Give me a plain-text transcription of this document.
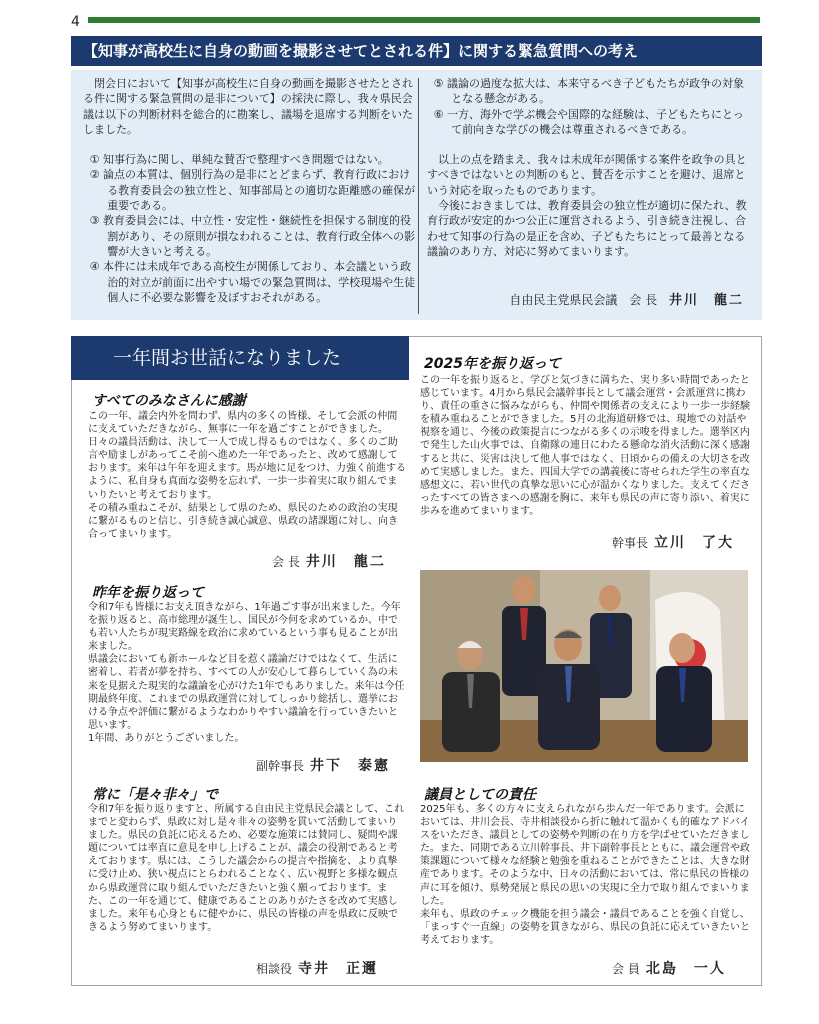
4
【知事が高校生に自身の動画を撮影させてとされる件】に関する緊急質問への考え

閉会日において【知事が高校生に自身の動画を撮影させたとされる件に関する緊急質問の是非について】の採決に際し、我々県民会議は以下の判断材料を総合的に勘案し、議場を退席する判断をいたしました。

① 知事行為に関し、単純な賛否で整理すべき問題ではない。

② 論点の本質は、個別行為の是非にとどまらず、教育行政における教育委員会の独立性と、知事部局との適切な距離感の確保が重要である。

③ 教育委員会には、中立性・安定性・継続性を担保する制度的役割があり、その原則が損なわれることは、教育行政全体への影響が大きいと考える。

④ 本件には未成年である高校生が関係しており、本会議という政治的対立が前面に出やすい場での緊急質問は、学校現場や生徒個人に不必要な影響を及ぼすおそれがある。

⑤ 議論の過度な拡大は、本来守るべき子どもたちが政争の対象となる懸念がある。

⑥ 一方、海外で学ぶ機会や国際的な経験は、子どもたちにとって前向きな学びの機会は尊重されるべきである。

以上の点を踏まえ、我々は未成年が関係する案件を政争の具とすべきではないとの判断のもと、賛否を示すことを避け、退席という対応を取ったものであります。

今後におきましては、教育委員会の独立性が適切に保たれ、教育行政が安定的かつ公正に運営されるよう、引き続き注視し、合わせて知事の行為の是正を含め、子どもたちにとって最善となる議論のあり方、対応に努めてまいります。

自由民主党県民会議　会 長 井川　龍二
一年間お世話になりました
すべてのみなさんに感謝
この一年、議会内外を問わず、県内の多くの皆様、そして会派の仲間に支えていただきながら、無事に一年を過ごすことができました。日々の議員活動は、決して一人で成し得るものではなく、多くのご助言や励ましがあってこそ前へ進めた一年であったと、改めて感謝しております。来年は午年を迎えます。馬が地に足をつけ、力強く前進するように、私自身も真面な姿勢を忘れず、一歩一歩着実に取り組んでまいりたいと考えております。
その積み重ねこそが、結果として県のため、県民のための政治の実現に繋がるものと信じ、引き続き誠心誠意、県政の諸課題に対し、向き合ってまいります。
会 長 井川　龍二
昨年を振り返って
令和7年も皆様にお支え頂きながら、1年過ごす事が出来ました。今年を振り返ると、高市総理が誕生し、国民が今何を求めているか、中でも若い人たちが現実路線を政治に求めているという事も見ることが出来ました。
県議会においても新ホールなど目を惹く議論だけではなくて、生活に密着し、若者が夢を持ち、すべての人が安心して暮らしていく為の未来を見据えた現実的な議論を心がけた1年でもありました。来年は今任期最終年度、これまでの県政運営に対してしっかり総括し、選挙における争点や評価に繋がるようなわかりやすい議論を行っていきたいと思います。
1年間、ありがとうございました。
副幹事長 井下　泰憲
常に「是々非々」で
令和7年を振り返りますと、所属する自由民主党県民会議として、これまでと変わらず、県政に対し是々非々の姿勢を貫いて活動してまいりました。県民の負託に応えるため、必要な施策には賛同し、疑問や課題については率直に意見を申し上げることが、議会の役割であると考えております。県には、こうした議会からの提言や指摘を、より真摯に受け止め、狭い視点にとらわれることなく、広い視野と多様な観点から県政運営に取り組んでいただきたいと強く願っております。また、この一年を通じて、健康であることのありがたさを改めて実感しました。来年も心身ともに健やかに、県民の皆様の声を県政に反映できるよう努めてまいります。
相談役 寺井　正邇
2025年を振り返って
この一年を振り返ると、学びと気づきに満ちた、実り多い時間であったと感じています。4月から県民会議幹事長として議会運営・会派運営に携わり、責任の重さに悩みながらも、仲間や関係者の支えにより一歩一歩経験を積み重ねることができました。5月の北海道研修では、現地での対話や視察を通じ、今後の政策提言につながる多くの示唆を得ました。選挙区内で発生した山火事では、自衛隊の連日にわたる懸命な消火活動に深く感謝すると共に、災害は決して他人事ではなく、日頃からの備えの大切さを改めて実感しました。また、四国大学での講義後に寄せられた学生の率直な感想文に、若い世代の真摯な思いに心が温かくなりました。支えてくださったすべての皆さまへの感謝を胸に、来年も県民の声に寄り添い、着実に歩みを進めてまいります。
幹事長 立川　了大
議員としての責任
2025年も、多くの方々に支えられながら歩んだ一年であります。会派においては、井川会長、寺井相談役から折に触れて温かくも的確なアドバイスをいただき、議員としての姿勢や判断の在り方を学ばせていただきました。また、同期である立川幹事長、井下副幹事長とともに、議会運営や政策課題について様々な経験と勉強を重ねることができたことは、大きな財産であります。そのような中、日々の活動においては、常に県民の皆様の声に耳を傾け、県勢発展と県民の思いの実現に全力で取り組んでまいりました。
来年も、県政のチェック機能を担う議会・議員であることを強く自覚し、「まっすぐ一直線」の姿勢を貫きながら、県民の負託に応えていきたいと考えております。
会 員 北島　一人
